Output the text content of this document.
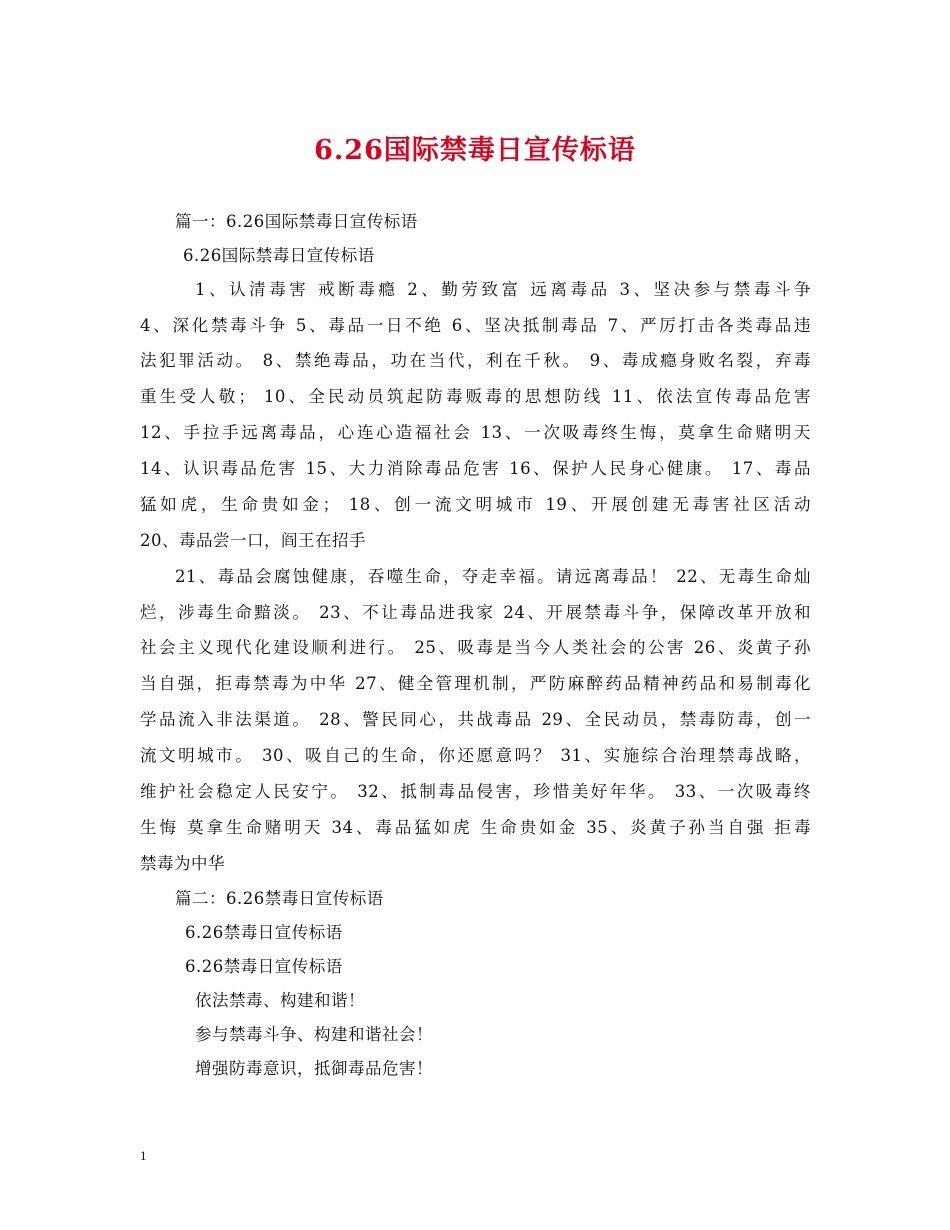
6.26国际禁毒日宣传标语
篇一：6.26国际禁毒日宣传标语
6.26国际禁毒日宣传标语
1、认清毒害 戒断毒瘾 2、勤劳致富 远离毒品 3、坚决参与禁毒斗争
4、深化禁毒斗争 5、毒品一日不绝 6、坚决抵制毒品 7、严厉打击各类毒品违
法犯罪活动。 8、禁绝毒品，功在当代，利在千秋。 9、毒成瘾身败名裂，弃毒
重生受人敬； 10、全民动员筑起防毒贩毒的思想防线 11、依法宣传毒品危害
12、手拉手远离毒品，心连心造福社会 13、一次吸毒终生悔，莫拿生命赌明天
14、认识毒品危害 15、大力消除毒品危害 16、保护人民身心健康。 17、毒品
猛如虎，生命贵如金； 18、创一流文明城市 19、开展创建无毒害社区活动
20、毒品尝一口，阎王在招手
21、毒品会腐蚀健康，吞噬生命，夺走幸福。请远离毒品！ 22、无毒生命灿
烂，涉毒生命黯淡。 23、不让毒品进我家 24、开展禁毒斗争，保障改革开放和
社会主义现代化建设顺利进行。 25、吸毒是当今人类社会的公害 26、炎黄子孙
当自强，拒毒禁毒为中华 27、健全管理机制，严防麻醉药品精神药品和易制毒化
学品流入非法渠道。 28、警民同心，共战毒品 29、全民动员，禁毒防毒，创一
流文明城市。 30、吸自己的生命，你还愿意吗？ 31、实施综合治理禁毒战略，
维护社会稳定人民安宁。 32、抵制毒品侵害，珍惜美好年华。 33、一次吸毒终
生悔 莫拿生命赌明天 34、毒品猛如虎 生命贵如金 35、炎黄子孙当自强 拒毒
禁毒为中华
篇二：6.26禁毒日宣传标语
6.26禁毒日宣传标语
6.26禁毒日宣传标语
依法禁毒、构建和谐！
参与禁毒斗争、构建和谐社会！
增强防毒意识，抵御毒品危害！
1
